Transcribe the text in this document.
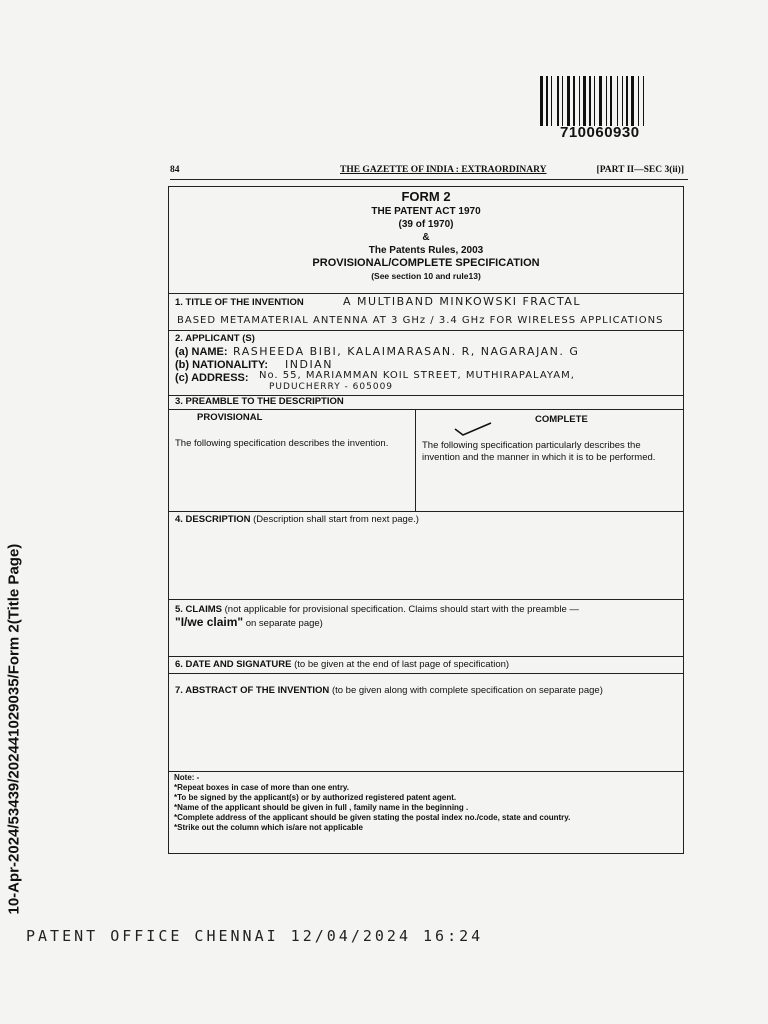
710060930
84	THE GAZETTE OF INDIA : EXTRAORDINARY	[PART II—SEC 3(ii)]
FORM 2
THE PATENT ACT 1970
(39 of 1970)
&
The Patents Rules, 2003
PROVISIONAL/COMPLETE SPECIFICATION
(See section 10 and rule13)
1. TITLE OF THE INVENTION	A MULTIBAND MINKOWSKI FRACTAL
BASED METAMATERIAL ANTENNA AT 3 GHz / 3.4 GHz FOR WIRELESS APPLICATIONS
2. APPLICANT (S)
(a) NAME: RASHEEDA BIBI, KALAIMARASAN. R, NAGARAJAN. G
(b) NATIONALITY: INDIAN
(c) ADDRESS: No. 55, MARIAMMAN KOIL STREET, MUTHIRAPALAYAM,
PUDUCHERRY - 605009
3. PREAMBLE TO THE DESCRIPTION
PROVISIONAL	COMPLETE
The following specification describes the invention.	The following specification particularly describes the invention and the manner in which it is to be performed.
4. DESCRIPTION (Description shall start from next page.)
5. CLAIMS (not applicable for provisional specification. Claims should start with the preamble —
"I/we claim" on separate page)
6. DATE AND SIGNATURE (to be given at the end of last page of specification)
7. ABSTRACT OF THE INVENTION (to be given along with complete specification on separate page)
Note: -
*Repeat boxes in case of more than one entry.
*To be signed by the applicant(s) or by authorized registered patent agent.
*Name of the applicant should be given in full , family name in the beginning .
*Complete address of the applicant should be given stating the postal index no./code, state and country.
*Strike out the column which is/are not applicable
10-Apr-2024/53439/202441029035/Form 2(Title Page)
PATENT OFFICE CHENNAI 12/04/2024 16:24
